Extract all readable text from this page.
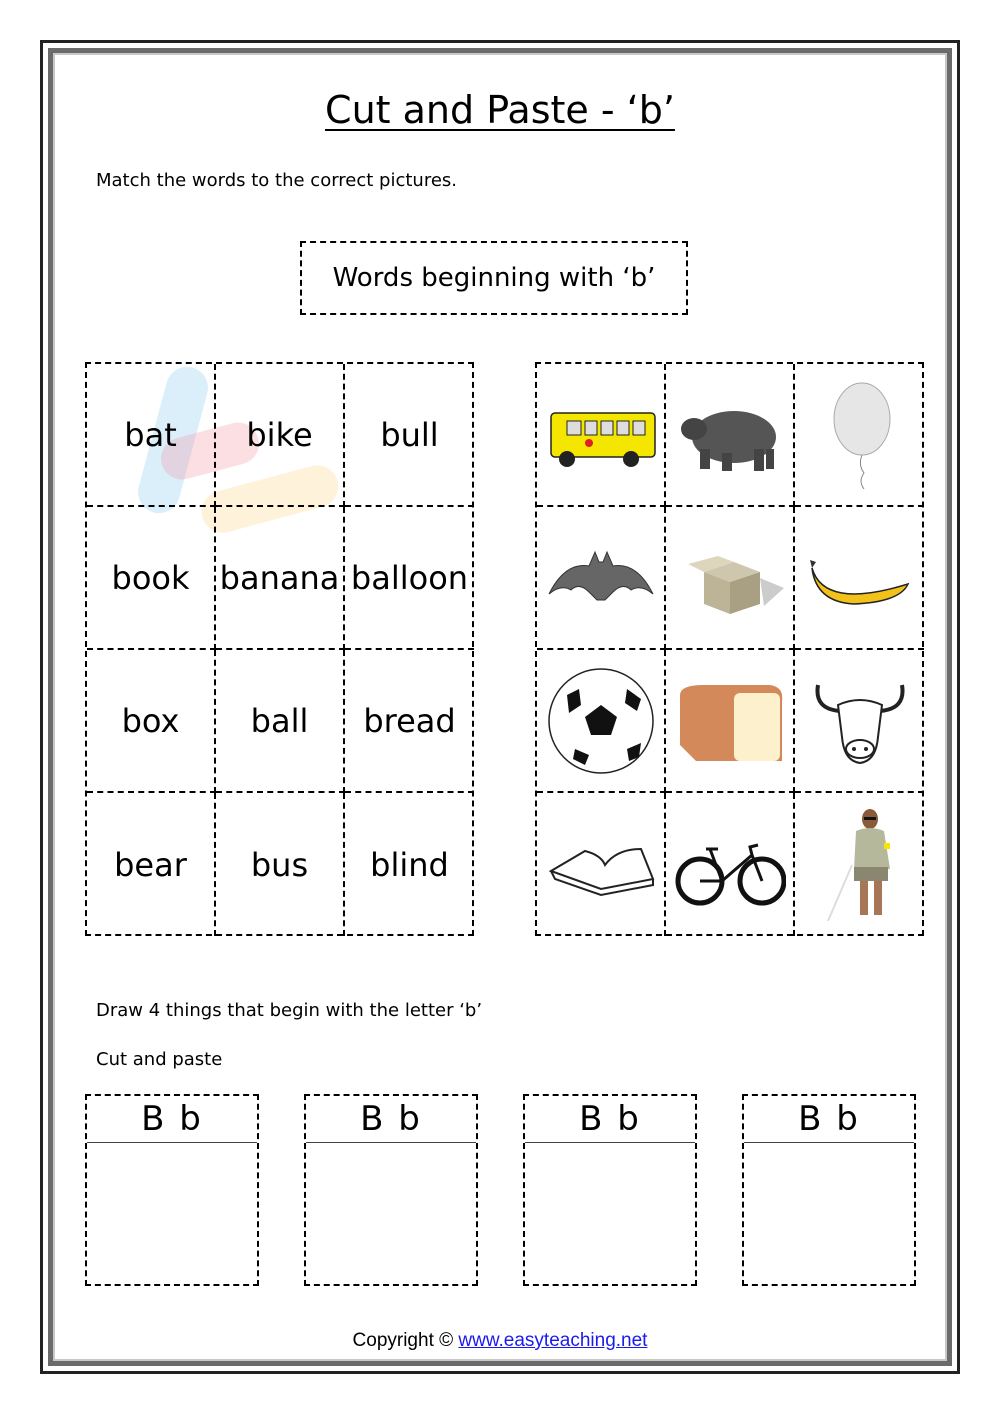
Cut and Paste - ‘b’
Match the words to the correct pictures.
Words beginning with ‘b’
bat bike bull
book banana balloon
box ball bread
bear bus blind
Draw 4 things that begin with the letter ‘b’
Cut and paste
B b	B b	B b	B b
Copyright © www.easyteaching.net
